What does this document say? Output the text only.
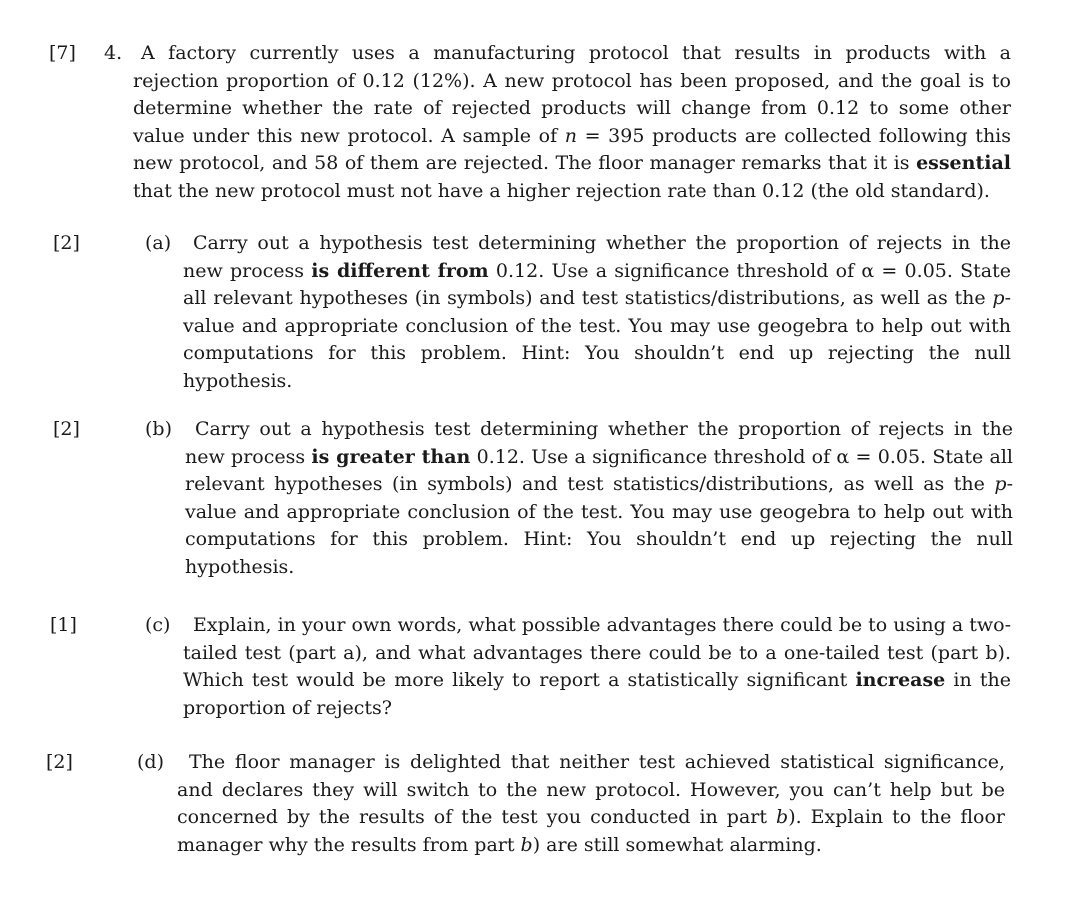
[7] 4. A factory currently uses a manufacturing protocol that results in products with a rejection proportion of 0.12 (12%). A new protocol has been proposed, and the goal is to determine whether the rate of rejected products will change from 0.12 to some other value under this new protocol. A sample of n = 395 products are collected following this new protocol, and 58 of them are rejected. The floor manager remarks that it is essential that the new protocol must not have a higher rejection rate than 0.12 (the old standard).
[2]	(a)	Carry out a hypothesis test determining whether the proportion of rejects in the new process is different from 0.12. Use a significance threshold of α = 0.05. State all relevant hypotheses (in symbols) and test statistics/distributions, as well as the p-value and appropriate conclusion of the test. You may use geogebra to help out with computations for this problem. Hint: You shouldn’t end up rejecting the null hypothesis.
[2]	(b)	Carry out a hypothesis test determining whether the proportion of rejects in the new process is greater than 0.12. Use a significance threshold of α = 0.05. State all relevant hypotheses (in symbols) and test statistics/distributions, as well as the p-value and appropriate conclusion of the test. You may use geogebra to help out with computations for this problem. Hint: You shouldn’t end up rejecting the null hypothesis.
[1]	(c)	Explain, in your own words, what possible advantages there could be to using a two-tailed test (part a), and what advantages there could be to a one-tailed test (part b). Which test would be more likely to report a statistically significant increase in the proportion of rejects?
[2]	(d)	The floor manager is delighted that neither test achieved statistical significance, and declares they will switch to the new protocol. However, you can’t help but be concerned by the results of the test you conducted in part b). Explain to the floor manager why the results from part b) are still somewhat alarming.
